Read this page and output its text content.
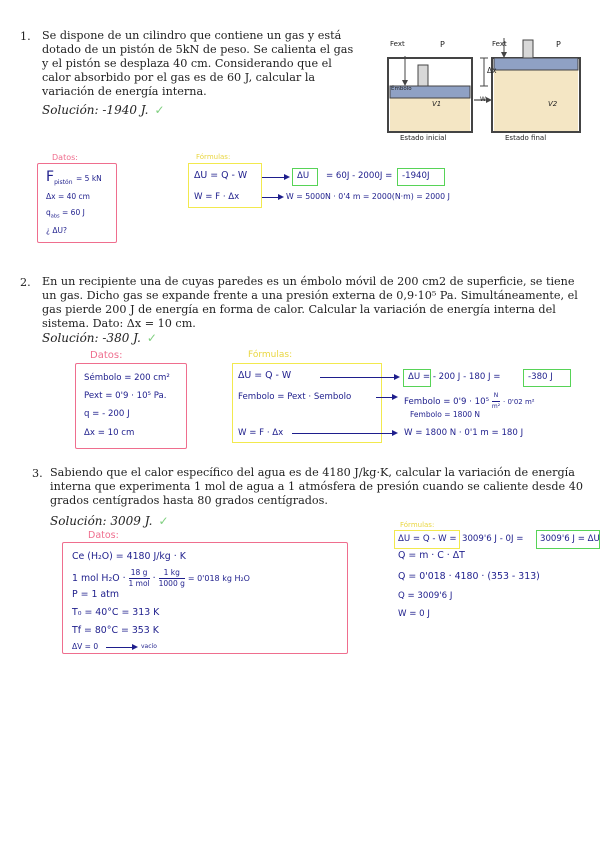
1. Se dispone de un cilindro que contiene un gas y está dotado de un pistón de 5kN de peso. Se calienta el gas y el pistón se desplaza 40 cm. Considerando que el calor absorbido por el gas es de 60 J, calcular la variación de energía interna.
Solución: -1940 J. ✓
Fext	P	Fext	P
Δx
Émbolo
V1	V2
W
Estado inicial	Estado final
Datos:
$F_{pistón} = 5$ kN
Δx = 40 cm
$q_{abs} = 60$ J
¿ ΔU?
Fórmulas:
ΔU = Q - W
W = F · Δx
ΔU = 60J - 2000J = -1940J
W = 5000N · 0'4 m = 2000(N·m) = 2000 J
2. En un recipiente una de cuyas paredes es un émbolo móvil de 200 cm2 de superficie, se tiene un gas. Dicho gas se expande frente a una presión externa de 0,9·10⁵ Pa. Simultáneamente, el gas pierde 200 J de energía en forma de calor. Calcular la variación de energía interna del sistema. Dato: Δx = 10 cm.
Solución: -380 J. ✓
Datos:
Sémbolo = 200 cm²
Pext = 0'9 · 10⁵ Pa.
q = - 200 J
Δx = 10 cm
Fórmulas:
ΔU = Q - W
Fembolo = Pext · Sembolo
W = F · Δx
ΔU = - 200 J - 180 J =	-380 J
Fembolo = $0'9 \cdot 10^5 \frac{N}{\text{m²}} \cdot 0'02$ m²
Fembolo = 1800 N
W = 1800 N · 0'1 m = 180 J
3. Sabiendo que el calor específico del agua es de 4180 J/kg·K, calcular la variación de energía interna que experimenta 1 mol de agua a 1 atmósfera de presión cuando se caliente desde 40 grados centígrados hasta 80 grados centígrados.
Solución: 3009 J. ✓
Datos:
Ce (H₂O) = 4180 J/kg · K
1 mol $H_2O \cdot \frac{18 g}{\text{1 mol}} \cdot \frac{1 kg}{1000 g} = 0'018$ kg H₂O
P = 1 atm
T₀ = 40°C = 313 K
Tf = 80°C = 353 K
ΔV = 0	vacío
Fórmulas:
ΔU = Q - W = 3009'6 J - 0J = 3009'6 J = ΔU
Q = m · C · ΔT
Q = 0'018 · 4180 · (353 - 313)
Q = 3009'6 J
W = 0 J
